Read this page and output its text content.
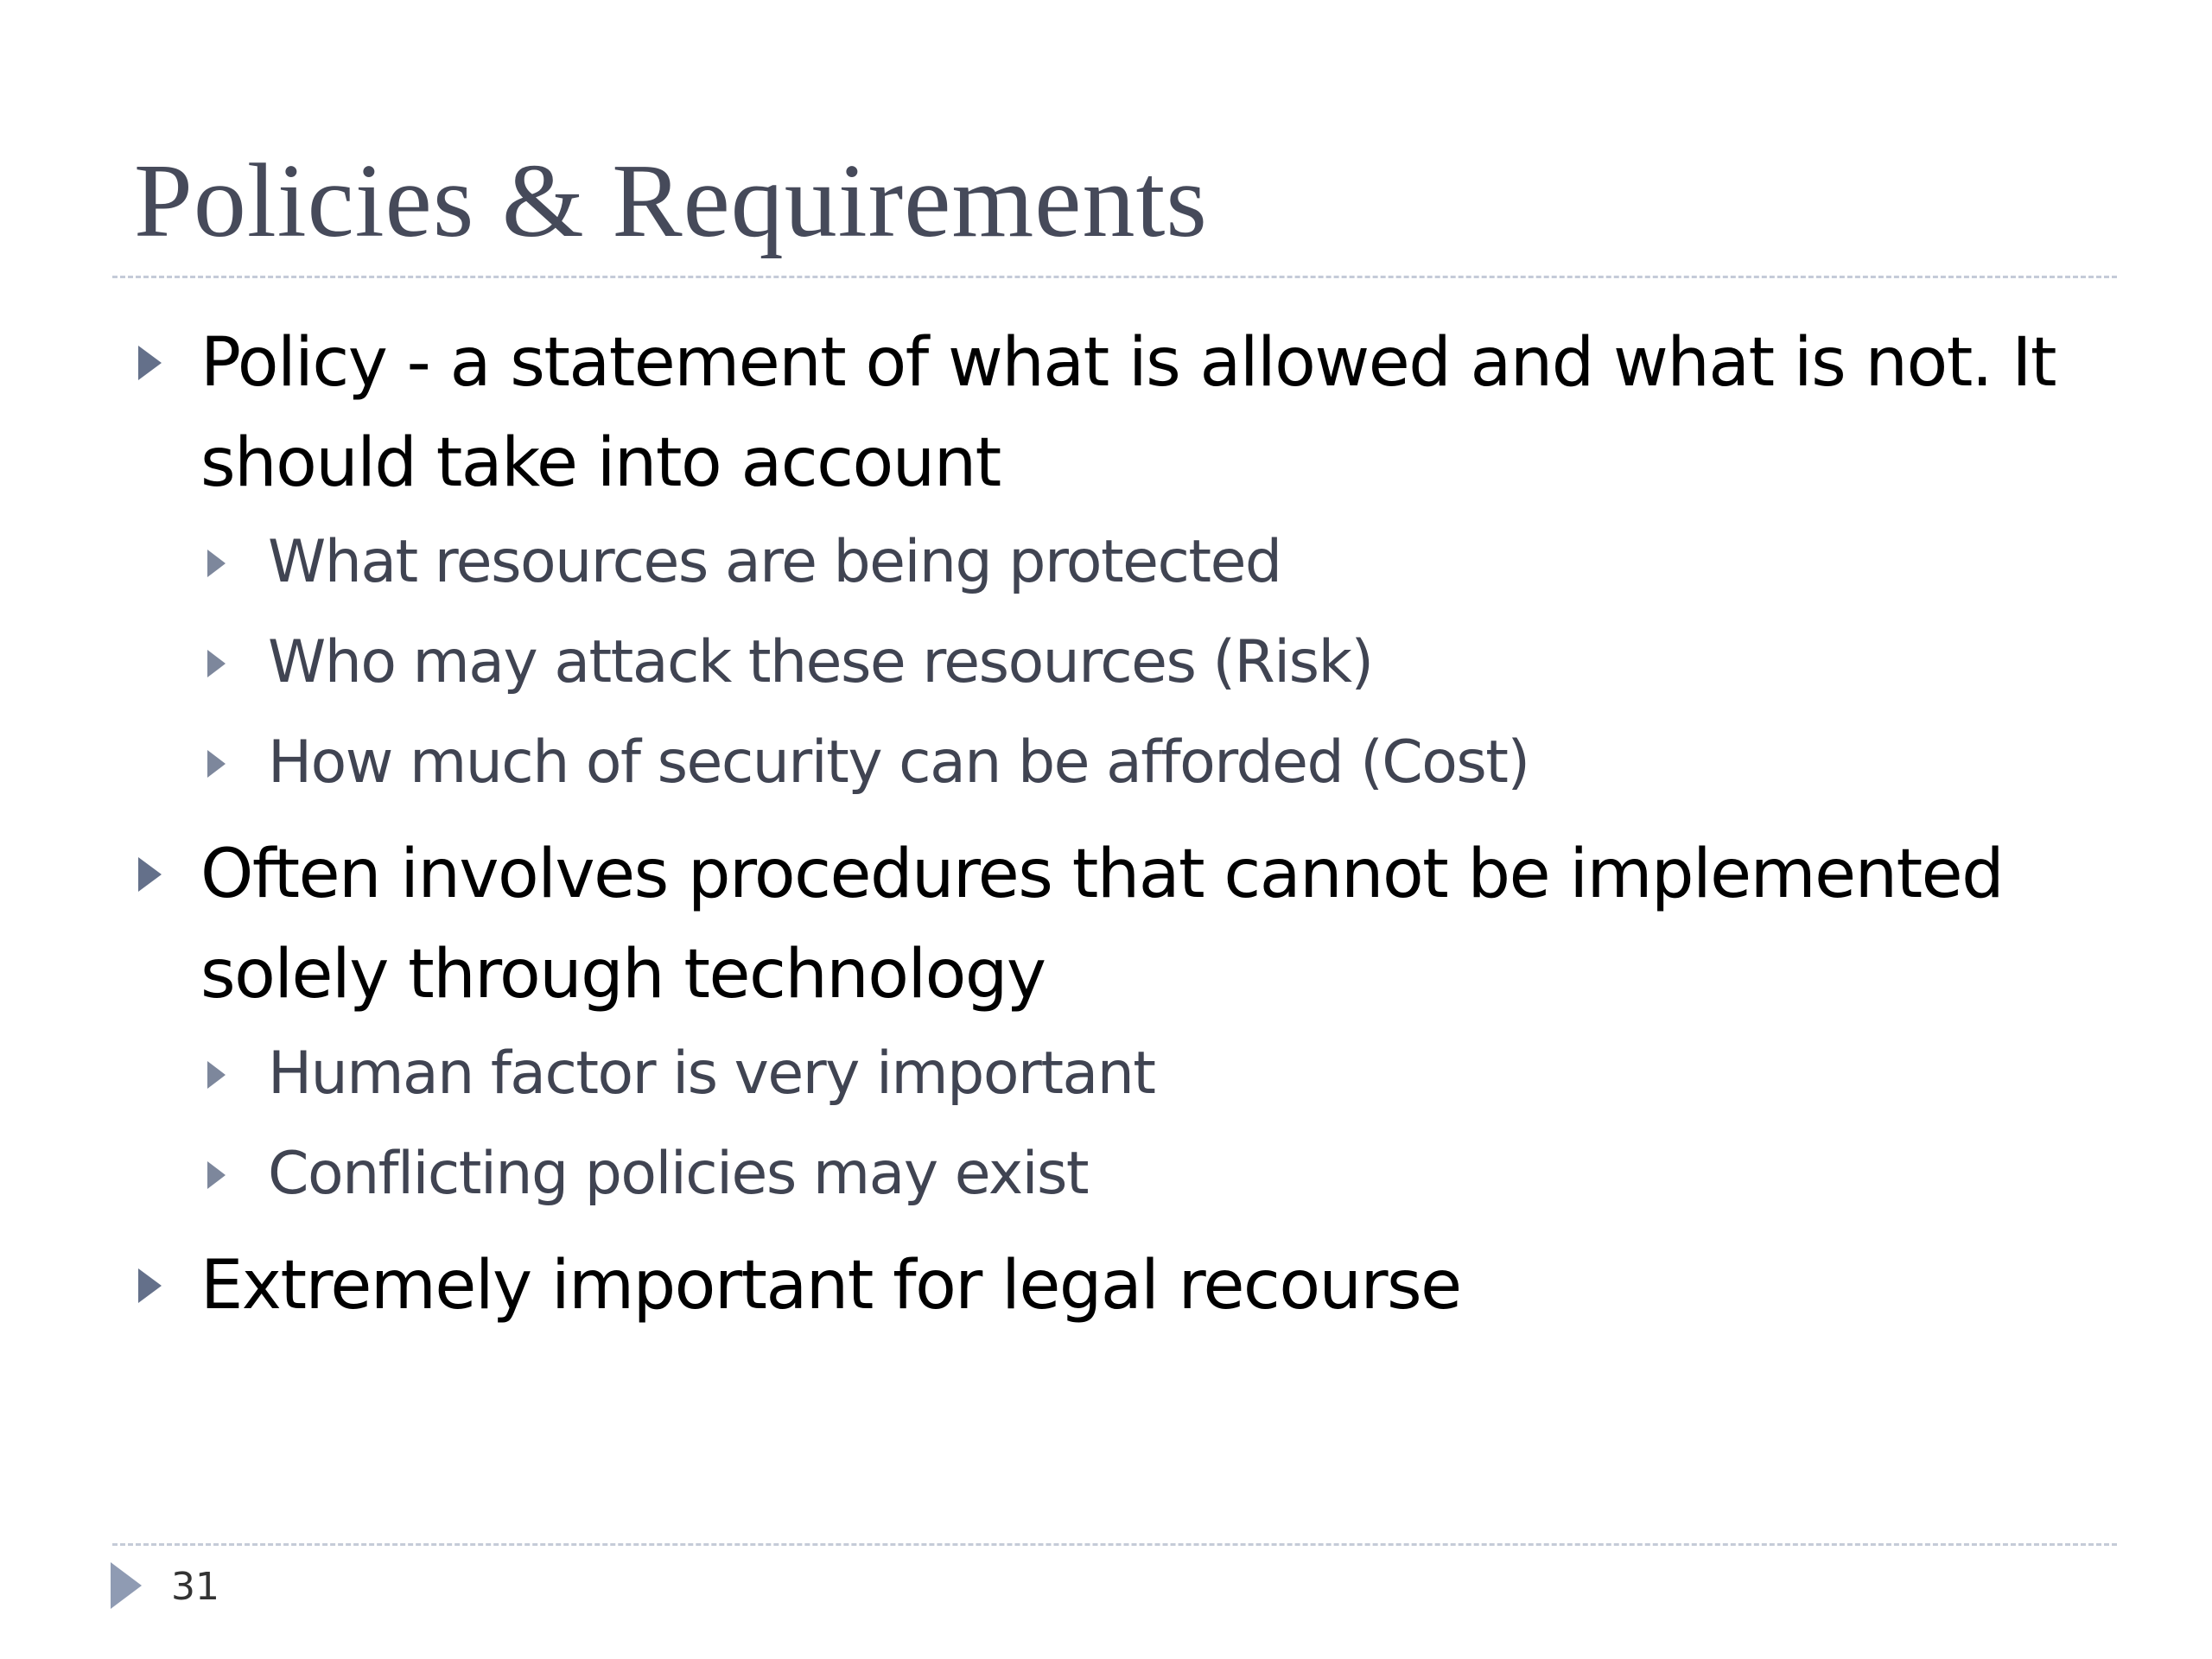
Policies & Requirements
Policy - a statement of what is allowed and what is not. It
should take into account
What resources are being protected
Who may attack these resources (Risk)
How much of security can be afforded (Cost)
Often involves procedures that cannot be implemented
solely through technology
Human factor is very important
Conflicting policies may exist
Extremely important for legal recourse
31
